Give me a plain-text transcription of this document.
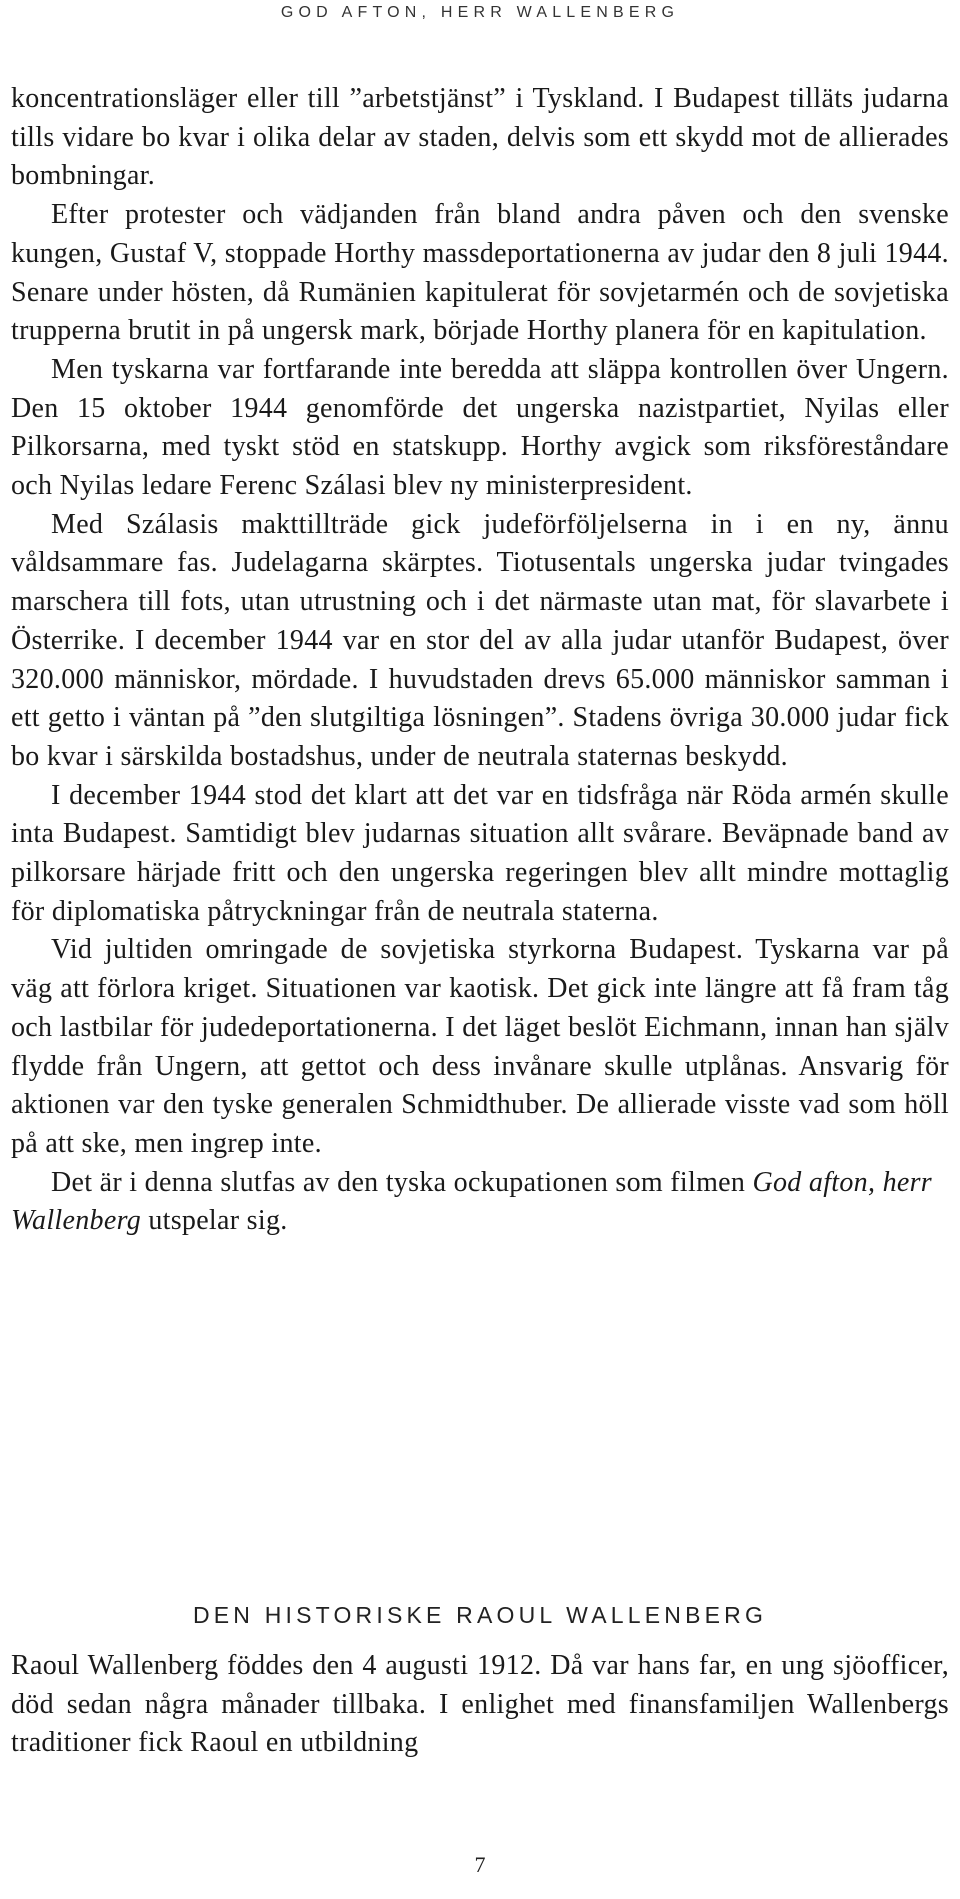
GOD AFTON, HERR WALLENBERG

koncentrationsläger eller till ”arbetstjänst” i Tyskland. I Budapest tilläts judarna tills vidare bo kvar i olika delar av staden, delvis som ett skydd mot de allierades bombningar.

Efter protester och vädjanden från bland andra påven och den svenske kungen, Gustaf V, stoppade Horthy massdeportationerna av judar den 8 juli 1944. Senare under hösten, då Rumänien kapitulerat för sovjetarmén och de sovjetiska trupperna brutit in på ungersk mark, började Horthy planera för en kapitulation.

Men tyskarna var fortfarande inte beredda att släppa kontrollen över Ungern. Den 15 oktober 1944 genomförde det ungerska nazistpartiet, Nyilas eller Pilkorsarna, med tyskt stöd en statskupp. Horthy avgick som riksföreståndare och Nyilas ledare Ferenc Szálasi blev ny ministerpresident.

Med Szálasis makttillträde gick judeförföljelserna in i en ny, ännu våldsammare fas. Judelagarna skärptes. Tiotusentals ungerska judar tvingades marschera till fots, utan utrustning och i det närmaste utan mat, för slavarbete i Österrike. I december 1944 var en stor del av alla judar utanför Budapest, över 320.000 människor, mördade. I huvudstaden drevs 65.000 människor samman i ett getto i väntan på ”den slutgiltiga lösningen”. Stadens övriga 30.000 judar fick bo kvar i särskilda bostadshus, under de neutrala staternas beskydd.

I december 1944 stod det klart att det var en tidsfråga när Röda armén skulle inta Budapest. Samtidigt blev judarnas situation allt svårare. Beväpnade band av pilkorsare härjade fritt och den ungerska regeringen blev allt mindre mottaglig för diplomatiska påtryckningar från de neutrala staterna.

Vid jultiden omringade de sovjetiska styrkorna Budapest. Tyskarna var på väg att förlora kriget. Situationen var kaotisk. Det gick inte längre att få fram tåg och lastbilar för judedeportationerna. I det läget beslöt Eichmann, innan han själv flydde från Ungern, att gettot och dess invånare skulle utplånas. Ansvarig för aktionen var den tyske generalen Schmidthuber. De allierade visste vad som höll på att ske, men ingrep inte.

Det är i denna slutfas av den tyska ockupationen som filmen God afton, herr Wallenberg utspelar sig.

DEN HISTORISKE RAOUL WALLENBERG

Raoul Wallenberg föddes den 4 augusti 1912. Då var hans far, en ung sjöofficer, död sedan några månader tillbaka. I enlighet med finansfamiljen Wallenbergs traditioner fick Raoul en utbildning

7
